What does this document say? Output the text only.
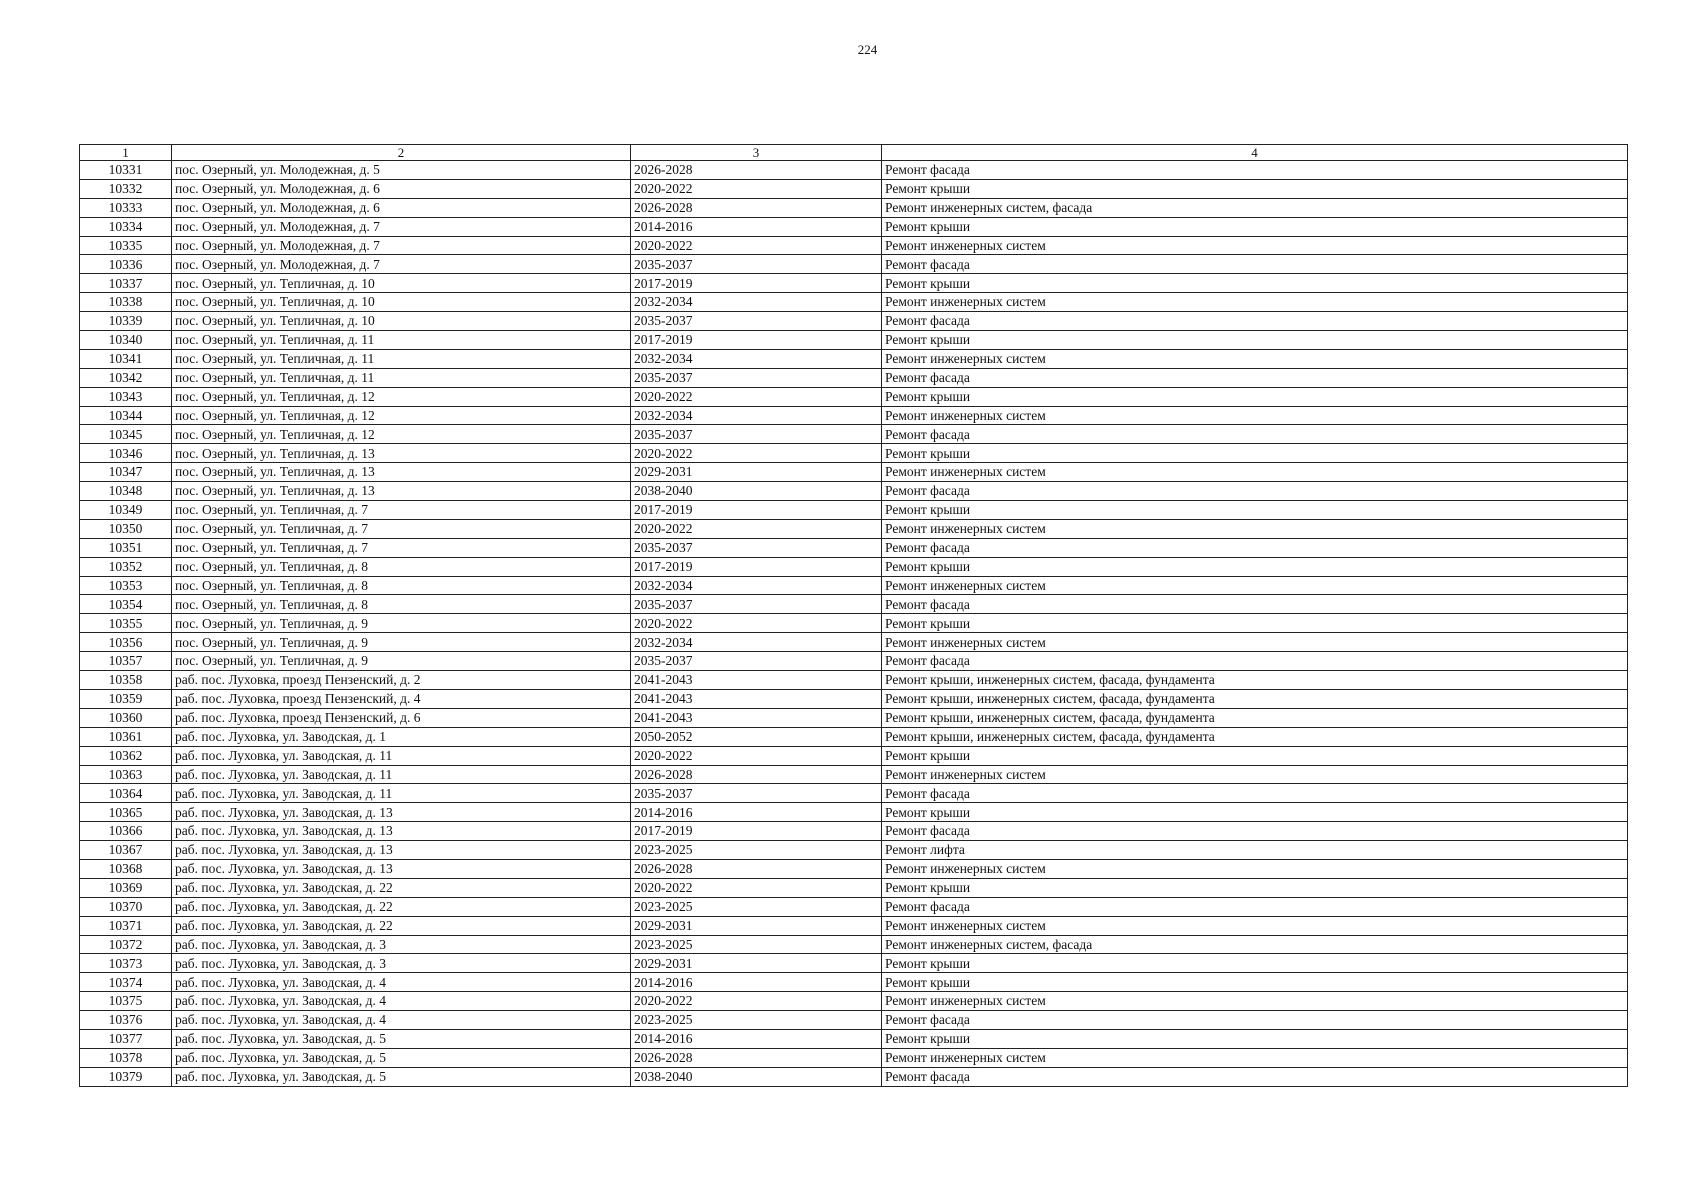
224
1	2	3	4
10331	пос. Озерный, ул. Молодежная, д. 5	2026-2028	Ремонт фасада
10332	пос. Озерный, ул. Молодежная, д. 6	2020-2022	Ремонт крыши
10333	пос. Озерный, ул. Молодежная, д. 6	2026-2028	Ремонт инженерных систем, фасада
10334	пос. Озерный, ул. Молодежная, д. 7	2014-2016	Ремонт крыши
10335	пос. Озерный, ул. Молодежная, д. 7	2020-2022	Ремонт инженерных систем
10336	пос. Озерный, ул. Молодежная, д. 7	2035-2037	Ремонт фасада
10337	пос. Озерный, ул. Тепличная, д. 10	2017-2019	Ремонт крыши
10338	пос. Озерный, ул. Тепличная, д. 10	2032-2034	Ремонт инженерных систем
10339	пос. Озерный, ул. Тепличная, д. 10	2035-2037	Ремонт фасада
10340	пос. Озерный, ул. Тепличная, д. 11	2017-2019	Ремонт крыши
10341	пос. Озерный, ул. Тепличная, д. 11	2032-2034	Ремонт инженерных систем
10342	пос. Озерный, ул. Тепличная, д. 11	2035-2037	Ремонт фасада
10343	пос. Озерный, ул. Тепличная, д. 12	2020-2022	Ремонт крыши
10344	пос. Озерный, ул. Тепличная, д. 12	2032-2034	Ремонт инженерных систем
10345	пос. Озерный, ул. Тепличная, д. 12	2035-2037	Ремонт фасада
10346	пос. Озерный, ул. Тепличная, д. 13	2020-2022	Ремонт крыши
10347	пос. Озерный, ул. Тепличная, д. 13	2029-2031	Ремонт инженерных систем
10348	пос. Озерный, ул. Тепличная, д. 13	2038-2040	Ремонт фасада
10349	пос. Озерный, ул. Тепличная, д. 7	2017-2019	Ремонт крыши
10350	пос. Озерный, ул. Тепличная, д. 7	2020-2022	Ремонт инженерных систем
10351	пос. Озерный, ул. Тепличная, д. 7	2035-2037	Ремонт фасада
10352	пос. Озерный, ул. Тепличная, д. 8	2017-2019	Ремонт крыши
10353	пос. Озерный, ул. Тепличная, д. 8	2032-2034	Ремонт инженерных систем
10354	пос. Озерный, ул. Тепличная, д. 8	2035-2037	Ремонт фасада
10355	пос. Озерный, ул. Тепличная, д. 9	2020-2022	Ремонт крыши
10356	пос. Озерный, ул. Тепличная, д. 9	2032-2034	Ремонт инженерных систем
10357	пос. Озерный, ул. Тепличная, д. 9	2035-2037	Ремонт фасада
10358	раб. пос. Луховка, проезд Пензенский, д. 2	2041-2043	Ремонт крыши, инженерных систем, фасада, фундамента
10359	раб. пос. Луховка, проезд Пензенский, д. 4	2041-2043	Ремонт крыши, инженерных систем, фасада, фундамента
10360	раб. пос. Луховка, проезд Пензенский, д. 6	2041-2043	Ремонт крыши, инженерных систем, фасада, фундамента
10361	раб. пос. Луховка, ул. Заводская, д. 1	2050-2052	Ремонт крыши, инженерных систем, фасада, фундамента
10362	раб. пос. Луховка, ул. Заводская, д. 11	2020-2022	Ремонт крыши
10363	раб. пос. Луховка, ул. Заводская, д. 11	2026-2028	Ремонт инженерных систем
10364	раб. пос. Луховка, ул. Заводская, д. 11	2035-2037	Ремонт фасада
10365	раб. пос. Луховка, ул. Заводская, д. 13	2014-2016	Ремонт крыши
10366	раб. пос. Луховка, ул. Заводская, д. 13	2017-2019	Ремонт фасада
10367	раб. пос. Луховка, ул. Заводская, д. 13	2023-2025	Ремонт лифта
10368	раб. пос. Луховка, ул. Заводская, д. 13	2026-2028	Ремонт инженерных систем
10369	раб. пос. Луховка, ул. Заводская, д. 22	2020-2022	Ремонт крыши
10370	раб. пос. Луховка, ул. Заводская, д. 22	2023-2025	Ремонт фасада
10371	раб. пос. Луховка, ул. Заводская, д. 22	2029-2031	Ремонт инженерных систем
10372	раб. пос. Луховка, ул. Заводская, д. 3	2023-2025	Ремонт инженерных систем, фасада
10373	раб. пос. Луховка, ул. Заводская, д. 3	2029-2031	Ремонт крыши
10374	раб. пос. Луховка, ул. Заводская, д. 4	2014-2016	Ремонт крыши
10375	раб. пос. Луховка, ул. Заводская, д. 4	2020-2022	Ремонт инженерных систем
10376	раб. пос. Луховка, ул. Заводская, д. 4	2023-2025	Ремонт фасада
10377	раб. пос. Луховка, ул. Заводская, д. 5	2014-2016	Ремонт крыши
10378	раб. пос. Луховка, ул. Заводская, д. 5	2026-2028	Ремонт инженерных систем
10379	раб. пос. Луховка, ул. Заводская, д. 5	2038-2040	Ремонт фасада
